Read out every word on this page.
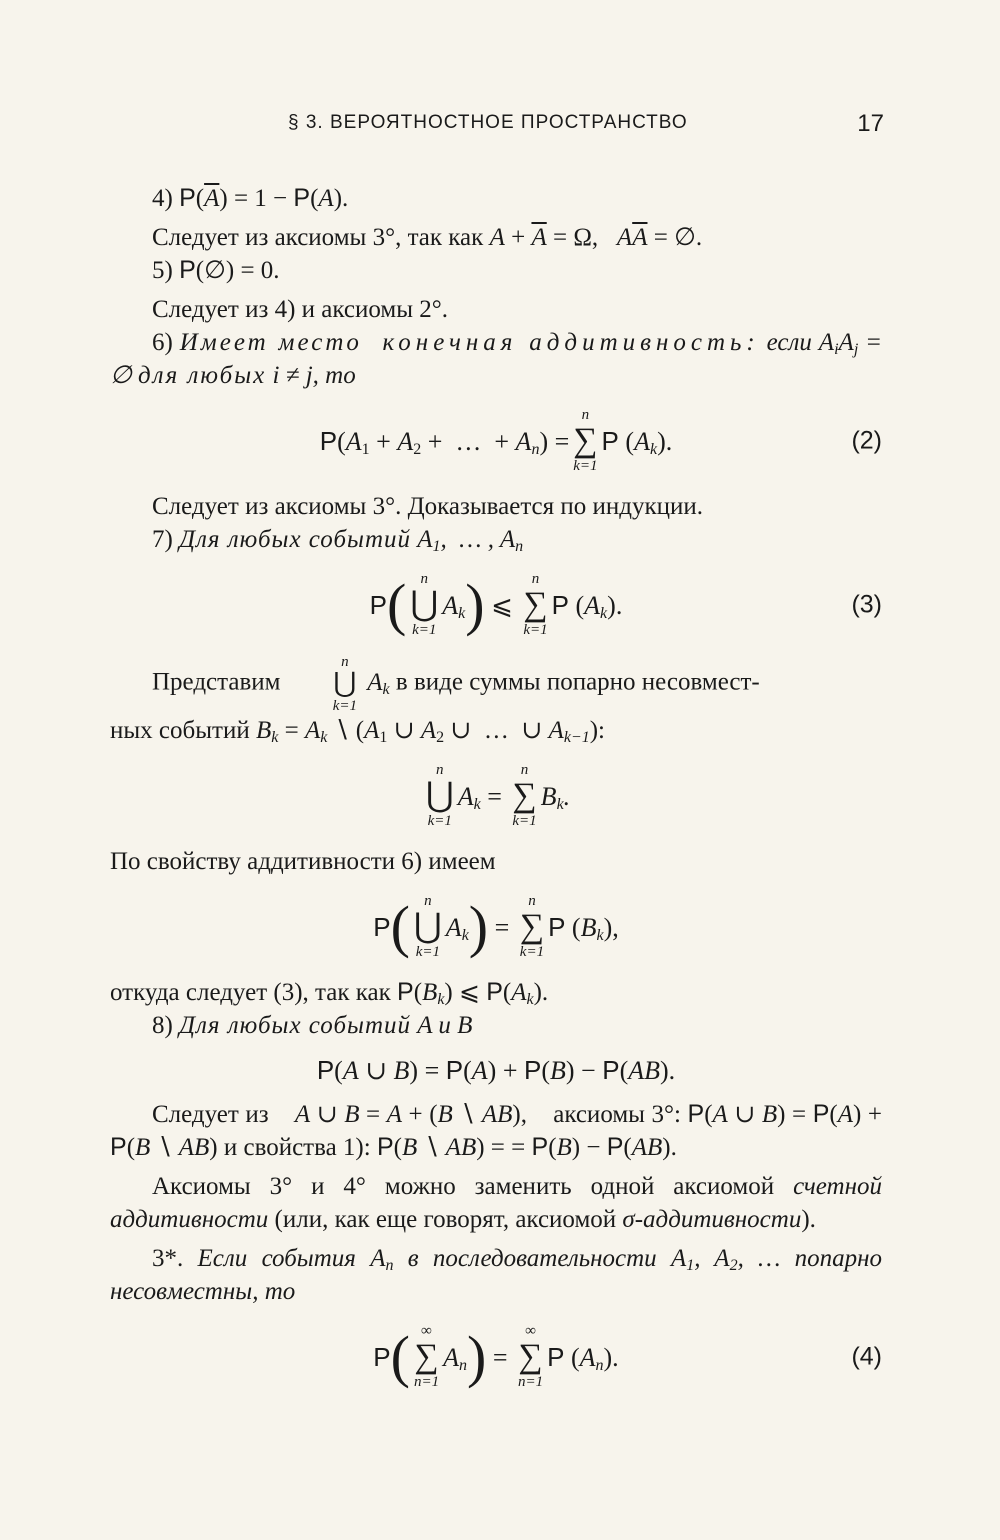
§ 3. ВЕРОЯТНОСТНОЕ ПРОСТРАНСТВО	17

4) $P(\overline{A}) = 1 - P(A)$.

Следует из аксиомы 3°, так как $A + \overline{A} = \Omega$,   $A\overline{A}$ = ∅.

5) P(∅) = 0.

Следует из 4) и аксиомы 2°.

6) Имеет место конечная аддитивность: если $A_iA_j$ = ∅ для любых i ≠ j, то

$P(A_1 + A_2$ +  …  + $A_n$) =
n
∑
k=1
P $(A_k)$.	(2)

Следует из аксиомы 3°. Доказывается по индукции.

7) Для любых событий $A_1$,  … , $A_n$

P ( n
⋃
k=1
$A_k$ ) ⩽
n
∑
k=1
P $(A_k)$.	(3)

Представим
n
⋃
k=1
$A_k$ в виде суммы попарно несовмест-

ных событий $B_k = A_k$ ∖ ($A_1$ ∪ $A_2$ ∪  …  ∪ $A_{k-1}$):

n
⋃
k=1
$A_k$ =
n
∑
k=1
$B_k$.

По свойству аддитивности 6) имеем

P ( n
⋃
k=1
$A_k$ ) =
n
∑
k=1
P $(B_k)$,

откуда следует (3), так как $P(B_k)$ ⩽ $P(A_k)$.

8) Для любых событий A и B

P(A ∪ B) = P(A) + P(B) − P(AB).

Следует из A ∪ B = A + (B ∖ AB),    аксиомы 3°: P(A ∪ B) = P(A) + P(B ∖ AB) и свойства 1): P(B ∖ AB) = = P(B) − P(AB).

Аксиомы 3° и 4° можно заменить одной аксиомой счетной аддитивности (или, как еще говорят, аксиомой σ-аддитивности).

3*. Если события $A_n$ в последовательности $A_1$, $A_2$, … попарно несовместны, то

P ( ∞
∑
n=1
$A_n$ ) =
∞
∑
n=1
P $(A_n)$.	(4)
